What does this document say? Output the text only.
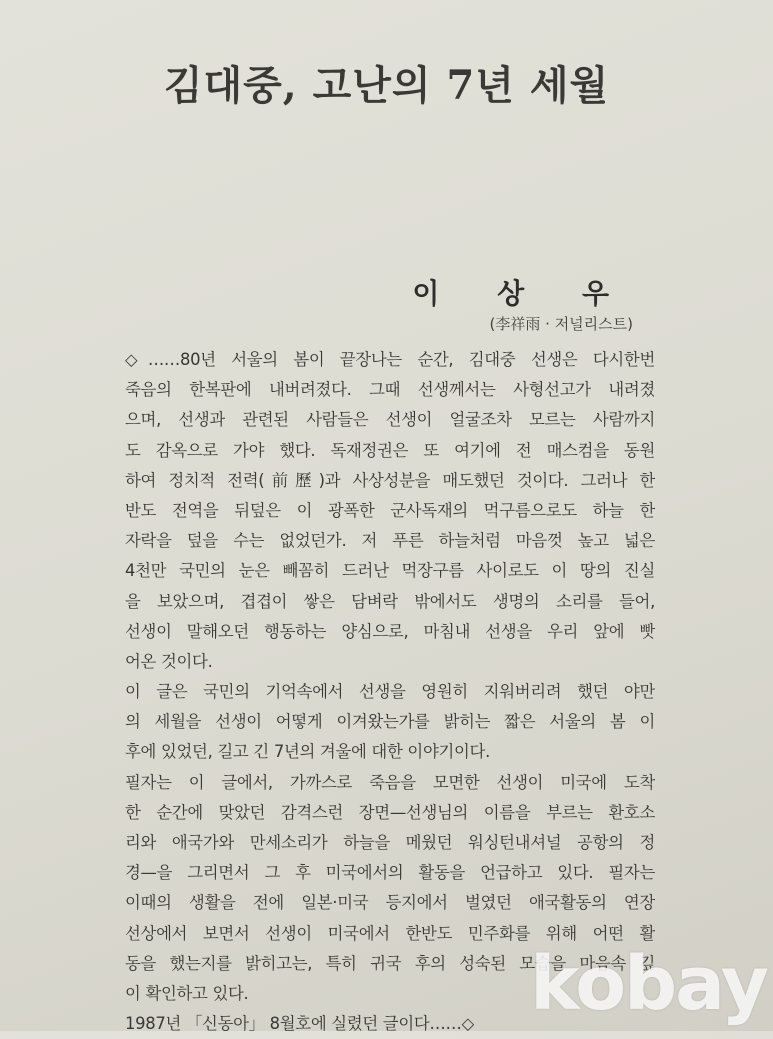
김대중, 고난의 7년 세월
이 상 우
(李祥雨 · 저널리스트)
◇……80년 서울의 봄이 끝장나는 순간, 김대중 선생은 다시한번
죽음의 한복판에 내버려졌다. 그때 선생께서는 사형선고가 내려졌
으며, 선생과 관련된 사람들은 선생이 얼굴조차 모르는 사람까지
도 감옥으로 가야 했다. 독재정권은 또 여기에 전 매스컴을 동원
하여 정치적 전력(前歷)과 사상성분을 매도했던 것이다. 그러나 한
반도 전역을 뒤덮은 이 광폭한 군사독재의 먹구름으로도 하늘 한
자락을 덮을 수는 없었던가. 저 푸른 하늘처럼 마음껏 높고 넓은
4천만 국민의 눈은 빼꼼히 드러난 먹장구름 사이로도 이 땅의 진실
을 보았으며, 겹겹이 쌓은 담벼락 밖에서도 생명의 소리를 들어,
선생이 말해오던 행동하는 양심으로, 마침내 선생을 우리 앞에 빳
어온 것이다.
이 글은 국민의 기억속에서 선생을 영원히 지워버리려 했던 야만
의 세월을 선생이 어떻게 이겨왔는가를 밝히는 짧은 서울의 봄 이
후에 있었던, 길고 긴 7년의 겨울에 대한 이야기이다.
필자는 이 글에서, 가까스로 죽음을 모면한 선생이 미국에 도착
한 순간에 맞았던 감격스런 장면—선생님의 이름을 부르는 환호소
리와 애국가와 만세소리가 하늘을 메웠던 워싱턴내셔널 공항의 정
경—을 그리면서 그 후 미국에서의 활동을 언급하고 있다. 필자는
이때의 생활을 전에 일본·미국 등지에서 벌였던 애국활동의 연장
선상에서 보면서 선생이 미국에서 한반도 민주화를 위해 어떤 활
동을 했는지를 밝히고는, 특히 귀국 후의 성숙된 모습을 마음속 깊
이 확인하고 있다.
1987년 「신동아」 8월호에 실렸던 글이다……◇ kobay
